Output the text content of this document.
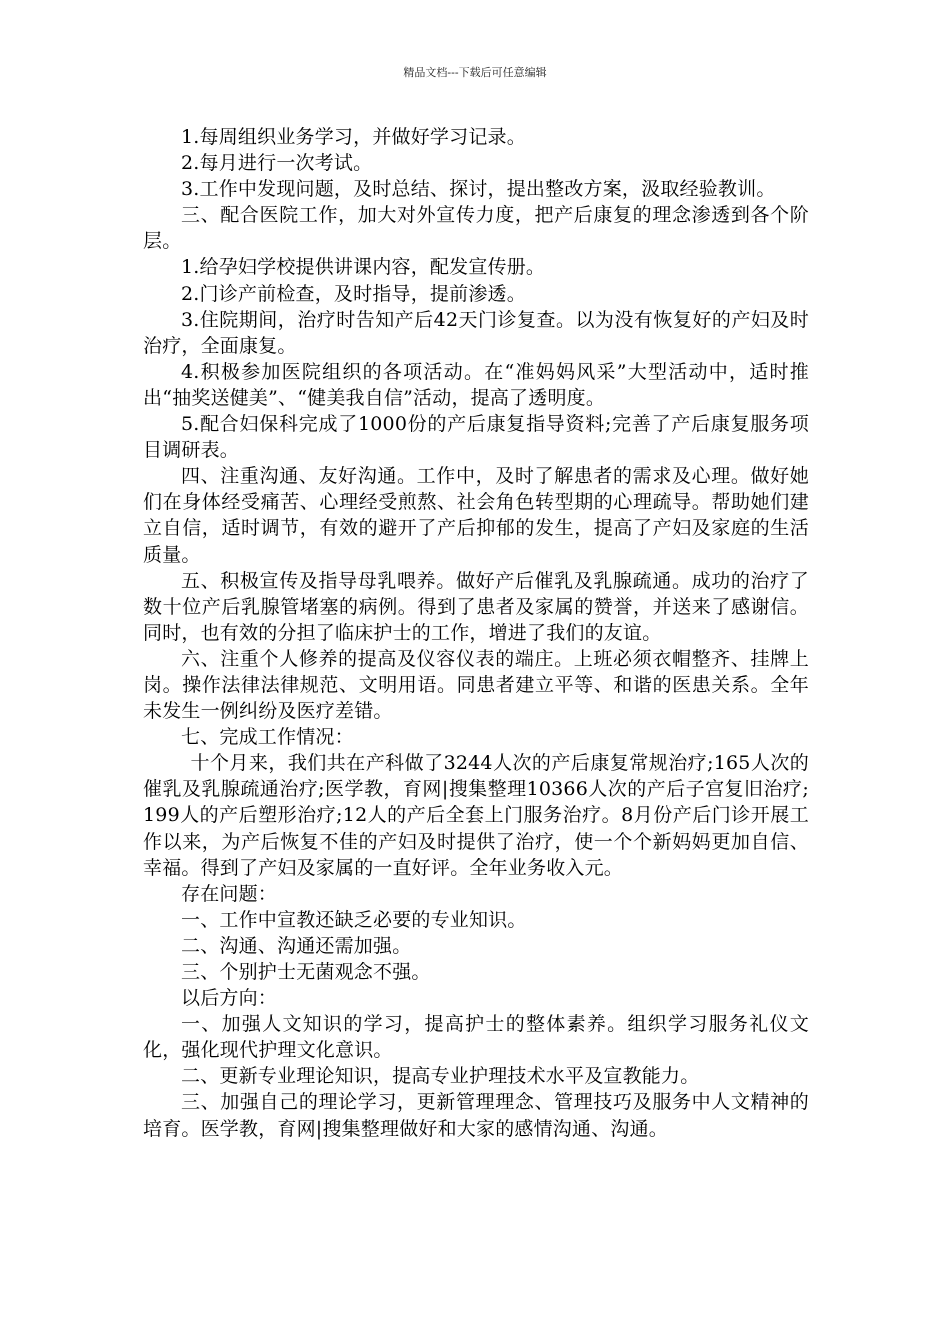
精品文档---下载后可任意编辑

1.每周组织业务学习，并做好学习记录。

2.每月进行一次考试。

3.工作中发现问题，及时总结、探讨，提出整改方案，汲取经验教训。

三、配合医院工作，加大对外宣传力度，把产后康复的理念渗透到各个阶层。

1.给孕妇学校提供讲课内容，配发宣传册。

2.门诊产前检查，及时指导，提前渗透。

3.住院期间，治疗时告知产后42天门诊复查。以为没有恢复好的产妇及时治疗，全面康复。

4.积极参加医院组织的各项活动。在“准妈妈风采”大型活动中，适时推出“抽奖送健美”、“健美我自信”活动，提高了透明度。

5.配合妇保科完成了1000份的产后康复指导资料;完善了产后康复服务项目调研表。

四、注重沟通、友好沟通。工作中，及时了解患者的需求及心理。做好她们在身体经受痛苦、心理经受煎熬、社会角色转型期的心理疏导。帮助她们建立自信，适时调节，有效的避开了产后抑郁的发生，提高了产妇及家庭的生活质量。

五、积极宣传及指导母乳喂养。做好产后催乳及乳腺疏通。成功的治疗了数十位产后乳腺管堵塞的病例。得到了患者及家属的赞誉，并送来了感谢信。同时，也有效的分担了临床护士的工作，增进了我们的友谊。

六、注重个人修养的提高及仪容仪表的端庄。上班必须衣帽整齐、挂牌上岗。操作法律法律规范、文明用语。同患者建立平等、和谐的医患关系。全年未发生一例纠纷及医疗差错。

七、完成工作情况：

十个月来，我们共在产科做了3244人次的产后康复常规治疗;165人次的催乳及乳腺疏通治疗;医学教，育网|搜集整理10366人次的产后子宫复旧治疗;199人的产后塑形治疗;12人的产后全套上门服务治疗。8月份产后门诊开展工作以来，为产后恢复不佳的产妇及时提供了治疗，使一个个新妈妈更加自信、幸福。得到了产妇及家属的一直好评。全年业务收入元。

存在问题：

一、工作中宣教还缺乏必要的专业知识。

二、沟通、沟通还需加强。

三、个别护士无菌观念不强。

以后方向：

一、加强人文知识的学习，提高护士的整体素养。组织学习服务礼仪文化，强化现代护理文化意识。

二、更新专业理论知识，提高专业护理技术水平及宣教能力。

三、加强自己的理论学习，更新管理理念、管理技巧及服务中人文精神的培育。医学教，育网|搜集整理做好和大家的感情沟通、沟通。
